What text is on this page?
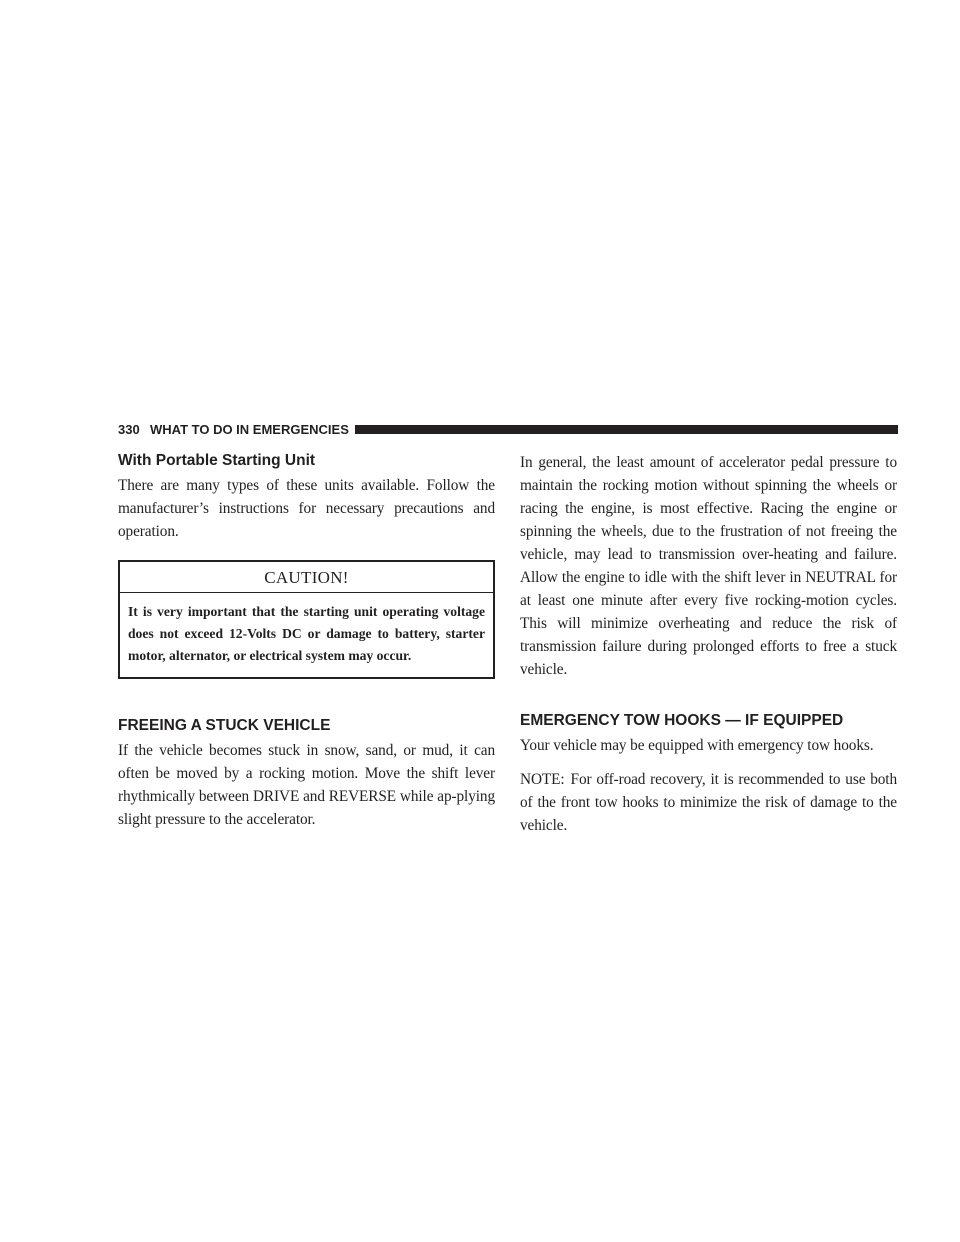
330 WHAT TO DO IN EMERGENCIES
With Portable Starting Unit

There are many types of these units available. Follow the manufacturer’s instructions for necessary precautions and operation.

CAUTION!
It is very important that the starting unit operating voltage does not exceed 12-Volts DC or damage to battery, starter motor, alternator, or electrical system may occur.
FREEING A STUCK VEHICLE

If the vehicle becomes stuck in snow, sand, or mud, it can often be moved by a rocking motion. Move the shift lever rhythmically between DRIVE and REVERSE while ap-plying slight pressure to the accelerator.

In general, the least amount of accelerator pedal pressure to maintain the rocking motion without spinning the wheels or racing the engine, is most effective. Racing the engine or spinning the wheels, due to the frustration of not freeing the vehicle, may lead to transmission over-heating and failure. Allow the engine to idle with the shift lever in NEUTRAL for at least one minute after every five rocking-motion cycles. This will minimize overheating and reduce the risk of transmission failure during prolonged efforts to free a stuck vehicle.

EMERGENCY TOW HOOKS — IF EQUIPPED

Your vehicle may be equipped with emergency tow hooks.

NOTE: For off-road recovery, it is recommended to use both of the front tow hooks to minimize the risk of damage to the vehicle.
